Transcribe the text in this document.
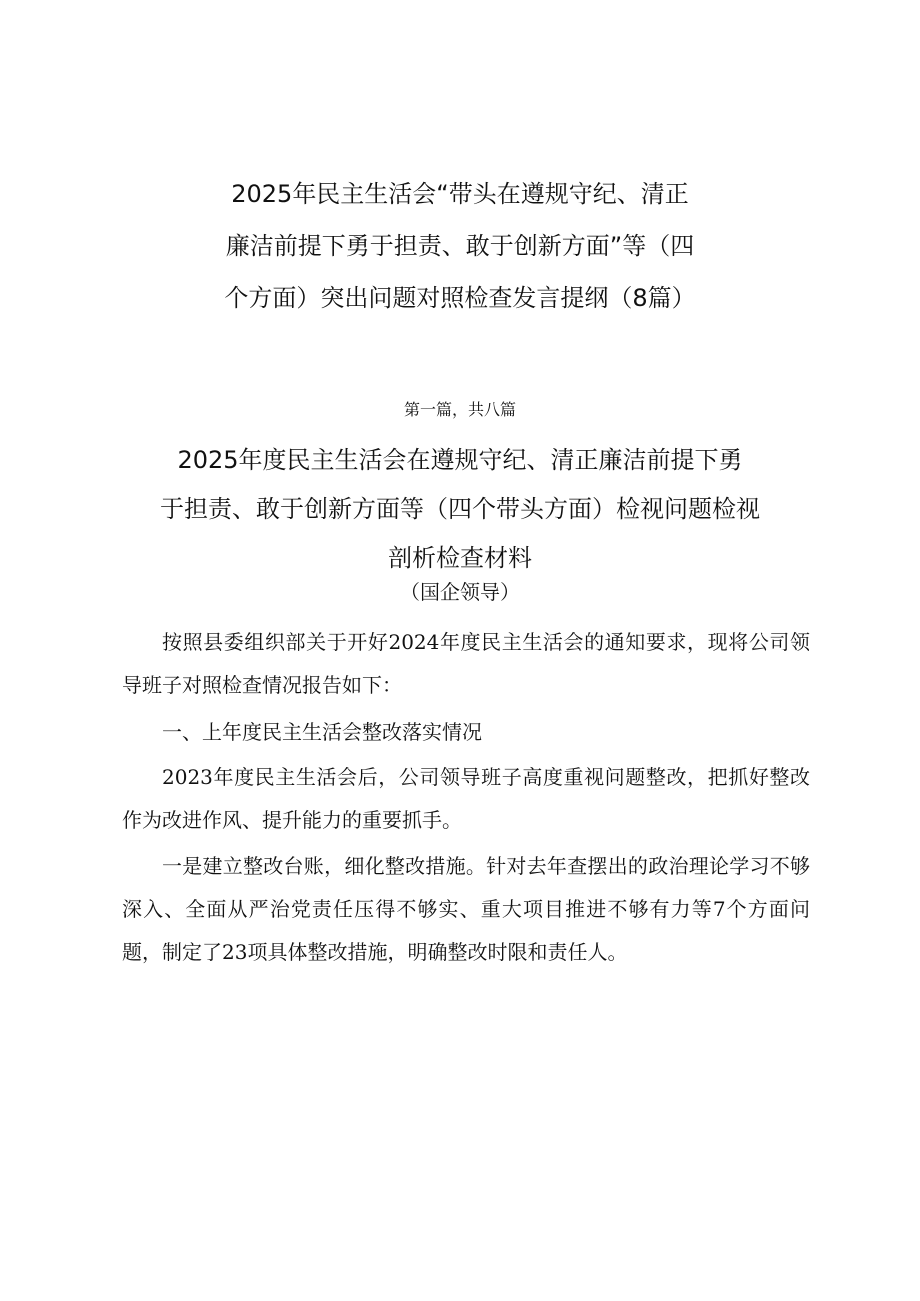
2025年民主生活会“带头在遵规守纪、清正
廉洁前提下勇于担责、敢于创新方面”等（四
个方面）突出问题对照检查发言提纲（8篇）
第一篇，共八篇
2025年度民主生活会在遵规守纪、清正廉洁前提下勇
于担责、敢于创新方面等（四个带头方面）检视问题检视
剖析检查材料
（国企领导）

按照县委组织部关于开好2024年度民主生活会的通知要求，现将公司领导班子对照检查情况报告如下：

一、上年度民主生活会整改落实情况

2023年度民主生活会后，公司领导班子高度重视问题整改，把抓好整改作为改进作风、提升能力的重要抓手。

一是建立整改台账，细化整改措施。针对去年查摆出的政治理论学习不够深入、全面从严治党责任压得不够实、重大项目推进不够有力等7个方面问题，制定了23项具体整改措施，明确整改时限和责任人。
